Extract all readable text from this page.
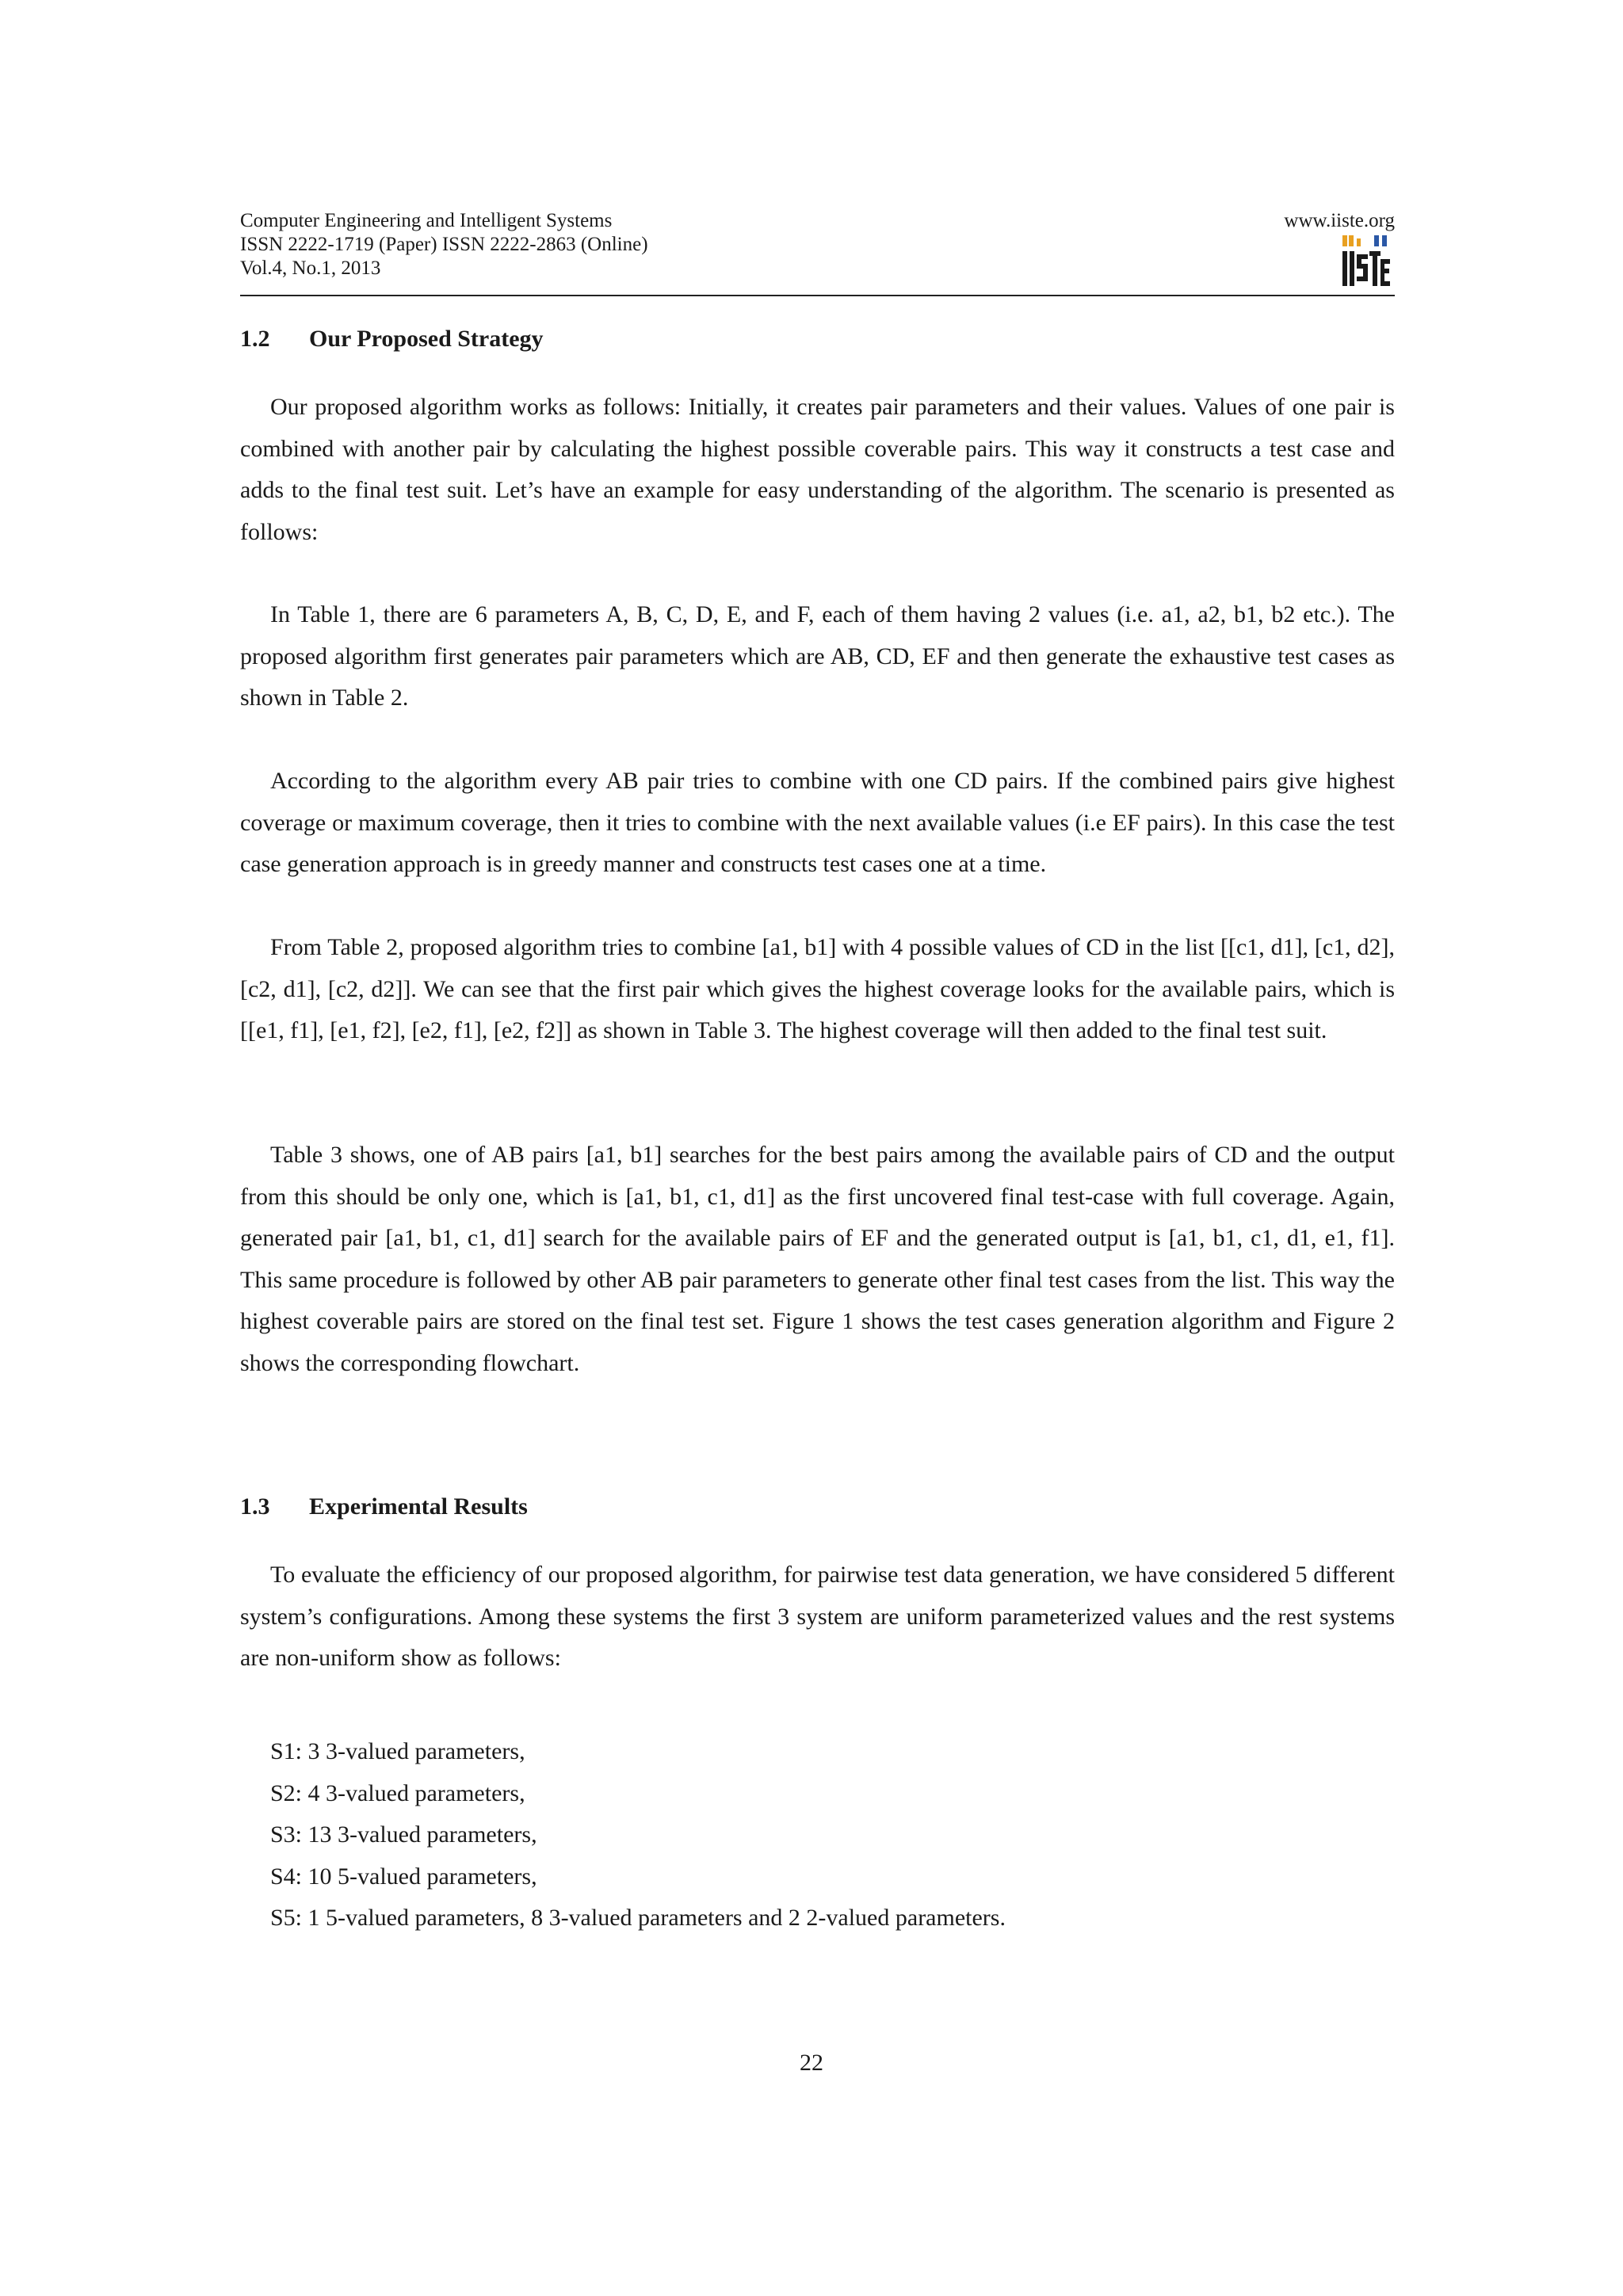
Computer Engineering and Intelligent Systems
ISSN 2222-1719 (Paper) ISSN 2222-2863 (Online)
Vol.4, No.1, 2013
www.iiste.org
1.2 Our Proposed Strategy

Our proposed algorithm works as follows: Initially, it creates pair parameters and their values. Values of one pair is combined with another pair by calculating the highest possible coverable pairs. This way it constructs a test case and adds to the final test suit. Let’s have an example for easy understanding of the algorithm. The scenario is presented as follows:

In Table 1, there are 6 parameters A, B, C, D, E, and F, each of them having 2 values (i.e. a1, a2, b1, b2 etc.). The proposed algorithm first generates pair parameters which are AB, CD, EF and then generate the exhaustive test cases as shown in Table 2.

According to the algorithm every AB pair tries to combine with one CD pairs. If the combined pairs give highest coverage or maximum coverage, then it tries to combine with the next available values (i.e EF pairs). In this case the test case generation approach is in greedy manner and constructs test cases one at a time.

From Table 2, proposed algorithm tries to combine [a1, b1] with 4 possible values of CD in the list [[c1, d1], [c1, d2], [c2, d1], [c2, d2]]. We can see that the first pair which gives the highest coverage looks for the available pairs, which is [[e1, f1], [e1, f2], [e2, f1], [e2, f2]] as shown in Table 3. The highest coverage will then added to the final test suit.

Table 3 shows, one of AB pairs [a1, b1] searches for the best pairs among the available pairs of CD and the output from this should be only one, which is [a1, b1, c1, d1] as the first uncovered final test-case with full coverage. Again, generated pair [a1, b1, c1, d1] search for the available pairs of EF and the generated output is [a1, b1, c1, d1, e1, f1]. This same procedure is followed by other AB pair parameters to generate other final test cases from the list. This way the highest coverable pairs are stored on the final test set. Figure 1 shows the test cases generation algorithm and Figure 2 shows the corresponding flowchart.

1.3 Experimental Results

To evaluate the efficiency of our proposed algorithm, for pairwise test data generation, we have considered 5 different system’s configurations. Among these systems the first 3 system are uniform parameterized values and the rest systems are non-uniform show as follows:

S1: 3 3-valued parameters,
S2: 4 3-valued parameters,
S3: 13 3-valued parameters,
S4: 10 5-valued parameters,
S5: 1 5-valued parameters, 8 3-valued parameters and 2 2-valued parameters.
22
